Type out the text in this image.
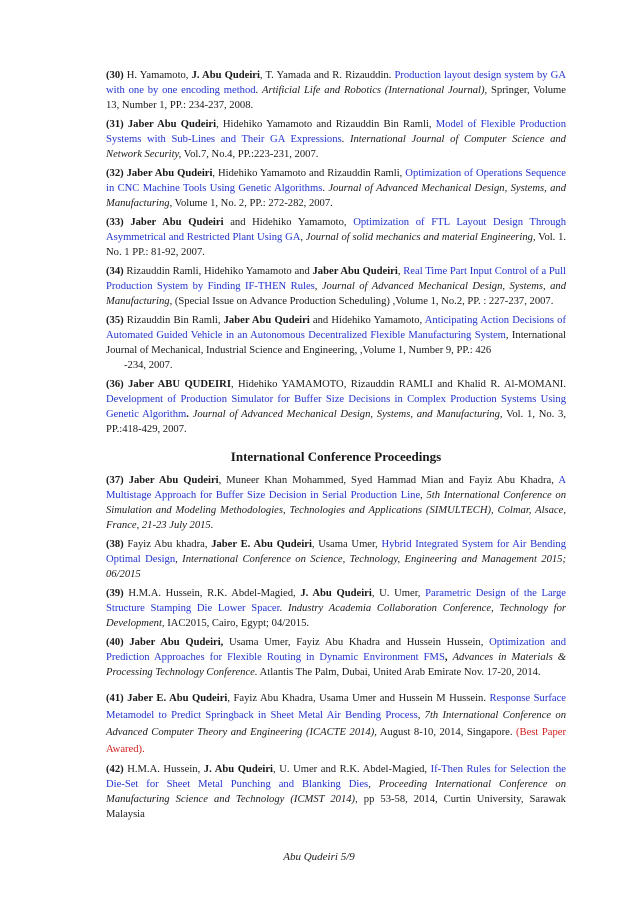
(30) H. Yamamoto, J. Abu Qudeiri, T. Yamada and R. Rizauddin. Production layout design system by GA with one by one encoding method. Artificial Life and Robotics (International Journal), Springer, Volume 13, Number 1, PP.: 234-237, 2008.

(31) Jaber Abu Qudeiri, Hidehiko Yamamoto and Rizauddin Bin Ramli, Model of Flexible Production Systems with Sub-Lines and Their GA Expressions. International Journal of Computer Science and Network Security, Vol.7, No.4, PP.:223-231, 2007.

(32) Jaber Abu Qudeiri, Hidehiko Yamamoto and Rizauddin Ramli, Optimization of Operations Sequence in CNC Machine Tools Using Genetic Algorithms. Journal of Advanced Mechanical Design, Systems, and Manufacturing, Volume 1, No. 2, PP.: 272-282, 2007.

(33) Jaber Abu Qudeiri and Hidehiko Yamamoto, Optimization of FTL Layout Design Through Asymmetrical and Restricted Plant Using GA, Journal of solid mechanics and material Engineering, Vol. 1. No. 1 PP.: 81-92, 2007.

(34) Rizauddin Ramli, Hidehiko Yamamoto and Jaber Abu Qudeiri, Real Time Part Input Control of a Pull Production System by Finding IF-THEN Rules, Journal of Advanced Mechanical Design, Systems, and Manufacturing, (Special Issue on Advance Production Scheduling) ,Volume 1, No.2, PP. : 227-237, 2007.

(35) Rizauddin Bin Ramli, Jaber Abu Qudeiri and Hidehiko Yamamoto, Anticipating Action Decisions of Automated Guided Vehicle in an Autonomous Decentralized Flexible Manufacturing System, International Journal of Mechanical, Industrial Science and Engineering, ,Volume 1, Number 9, PP.: 426
-234, 2007.

(36) Jaber ABU QUDEIRI, Hidehiko YAMAMOTO, Rizauddin RAMLI and Khalid R. Al-MOMANI. Development of Production Simulator for Buffer Size Decisions in Complex Production Systems Using Genetic Algorithm. Journal of Advanced Mechanical Design, Systems, and Manufacturing, Vol. 1, No. 3, PP.:418-429, 2007.

International Conference Proceedings

(37) Jaber Abu Qudeiri, Muneer Khan Mohammed, Syed Hammad Mian and Fayiz Abu Khadra, A Multistage Approach for Buffer Size Decision in Serial Production Line, 5th International Conference on Simulation and Modeling Methodologies, Technologies and Applications (SIMULTECH), Colmar, Alsace, France, 21-23 July 2015.

(38) Fayiz Abu khadra, Jaber E. Abu Qudeiri, Usama Umer, Hybrid Integrated System for Air Bending Optimal Design, International Conference on Science, Technology, Engineering and Management 2015; 06/2015

(39) H.M.A. Hussein, R.K. Abdel-Magied, J. Abu Qudeiri, U. Umer, Parametric Design of the Large Structure Stamping Die Lower Spacer. Industry Academia Collaboration Conference, Technology for Development, IAC2015, Cairo, Egypt; 04/2015.

(40) Jaber Abu Qudeiri, Usama Umer, Fayiz Abu Khadra and Hussein Hussein, Optimization and Prediction Approaches for Flexible Routing in Dynamic Environment FMS, Advances in Materials & Processing Technology Conference. Atlantis The Palm, Dubai, United Arab Emirate Nov. 17-20, 2014.

(41) Jaber E. Abu Qudeiri, Fayiz Abu Khadra, Usama Umer and Hussein M Hussein. Response Surface Metamodel to Predict Springback in Sheet Metal Air Bending Process, 7th International Conference on Advanced Computer Theory and Engineering (ICACTE 2014), August 8-10, 2014, Singapore. (Best Paper Awared).

(42) H.M.A. Hussein, J. Abu Qudeiri, U. Umer and R.K. Abdel-Magied, If-Then Rules for Selection the Die-Set for Sheet Metal Punching and Blanking Dies, Proceeding International Conference on Manufacturing Science and Technology (ICMST 2014), pp 53-58, 2014, Curtin University, Sarawak Malaysia

Abu Qudeiri 5/9
